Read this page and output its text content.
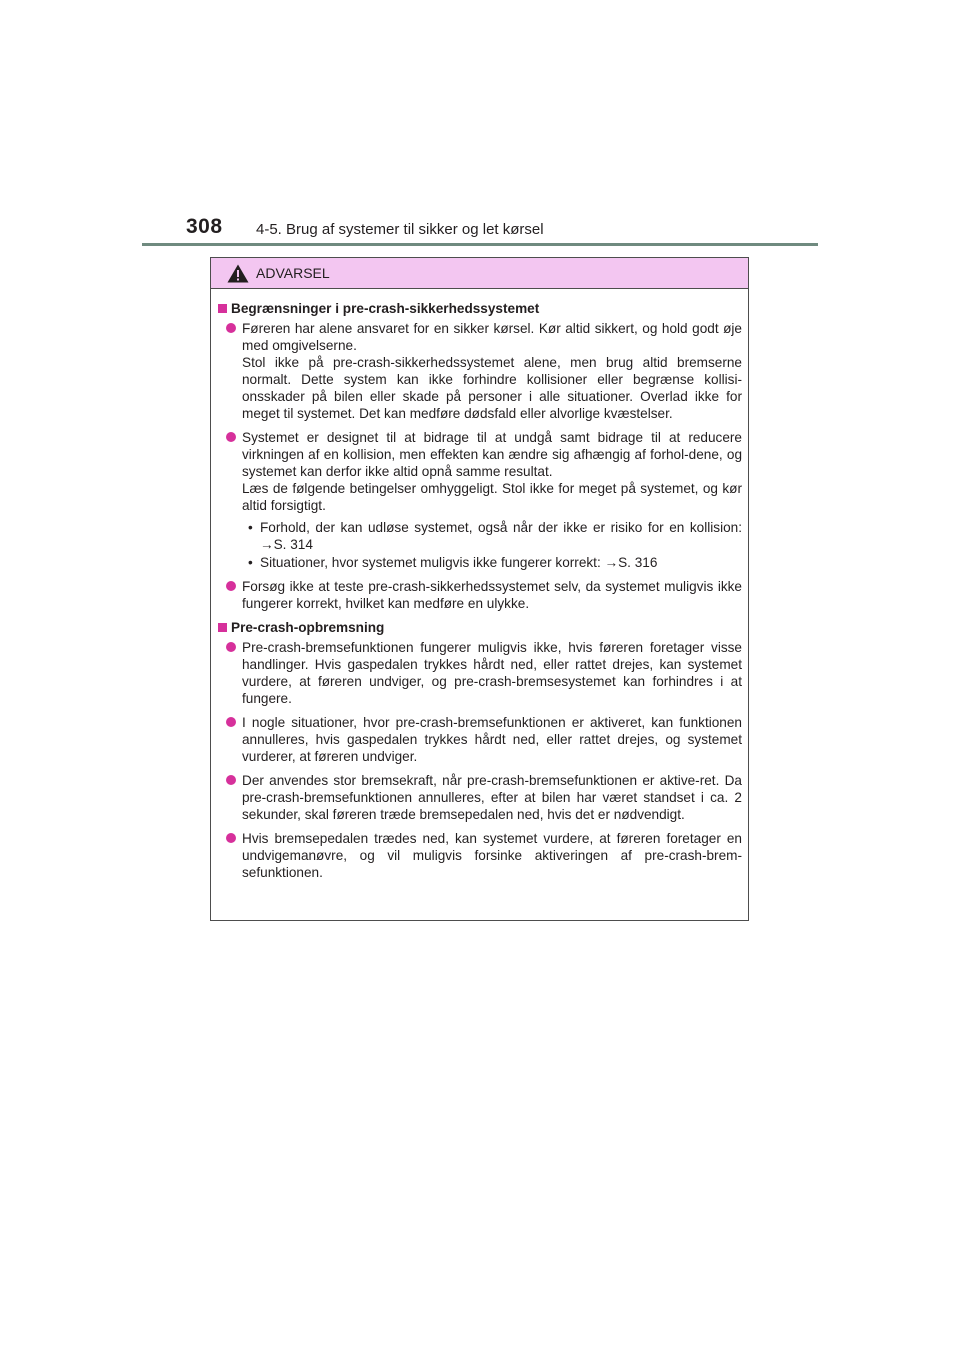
308 4-5. Brug af systemer til sikker og let kørsel
ADVARSEL
Begrænsninger i pre-crash-sikkerhedssystemet

Føreren har alene ansvaret for en sikker kørsel. Kør altid sikkert, og hold godt øje med omgivelserne.

Stol ikke på pre-crash-sikkerhedssystemet alene, men brug altid bremserne normalt. Dette system kan ikke forhindre kollisioner eller begrænse kollisi-onsskader på bilen eller skade på personer i alle situationer. Overlad ikke for meget til systemet. Det kan medføre dødsfald eller alvorlige kvæstelser.

Systemet er designet til at bidrage til at undgå samt bidrage til at reducere virkningen af en kollision, men effekten kan ændre sig afhængig af forhol-dene, og systemet kan derfor ikke altid opnå samme resultat.

Læs de følgende betingelser omhyggeligt. Stol ikke for meget på systemet, og kør altid forsigtigt.

• Forhold, der kan udløse systemet, også når der ikke er risiko for en kollision: →S. 314
• Situationer, hvor systemet muligvis ikke fungerer korrekt: →S. 316

Forsøg ikke at teste pre-crash-sikkerhedssystemet selv, da systemet muligvis ikke fungerer korrekt, hvilket kan medføre en ulykke.

Pre-crash-opbremsning

Pre-crash-bremsefunktionen fungerer muligvis ikke, hvis føreren foretager visse handlinger. Hvis gaspedalen trykkes hårdt ned, eller rattet drejes, kan systemet vurdere, at føreren undviger, og pre-crash-bremsesystemet kan forhindres i at fungere.

I nogle situationer, hvor pre-crash-bremsefunktionen er aktiveret, kan funktionen annulleres, hvis gaspedalen trykkes hårdt ned, eller rattet drejes, og systemet vurderer, at føreren undviger.

Der anvendes stor bremsekraft, når pre-crash-bremsefunktionen er aktive-ret. Da pre-crash-bremsefunktionen annulleres, efter at bilen har været standset i ca. 2 sekunder, skal føreren træde bremsepedalen ned, hvis det er nødvendigt.

Hvis bremsepedalen trædes ned, kan systemet vurdere, at føreren foretager en undvigemanøvre, og vil muligvis forsinke aktiveringen af pre-crash-brem-sefunktionen.
